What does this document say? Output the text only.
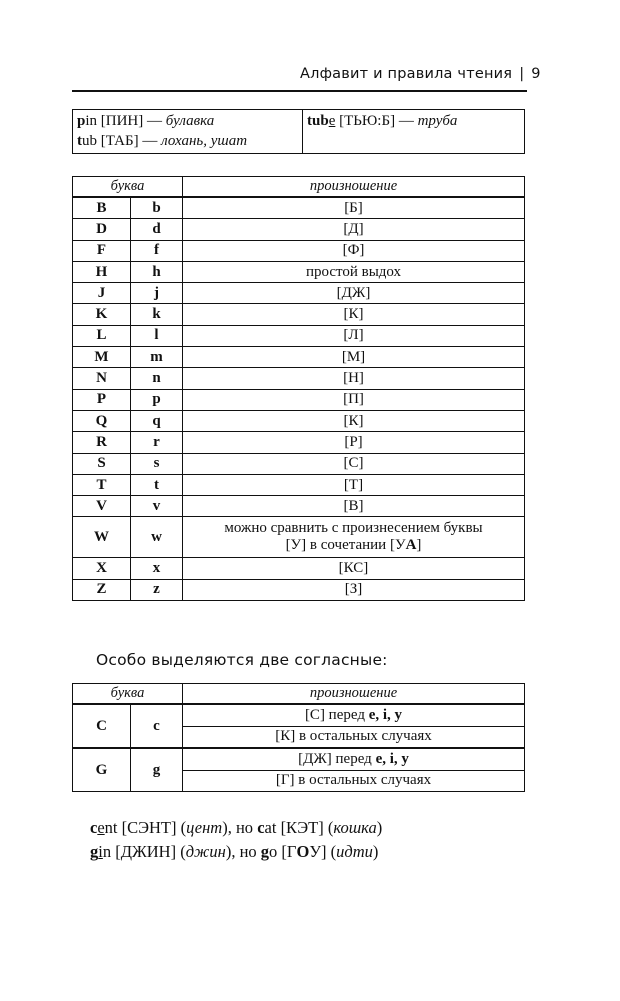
Алфавит и правила чтения | 9
pin [ПИН] — булавка
tub [ТАБ] — лохань, ушат
tube [ТЬЮ:Б] — труба
буква		произношение
B	b	[Б]
D	d	[Д]
F	f	[Ф]
H	h	простой выдох
J	j	[ДЖ]
K	k	[К]
L	l	[Л]
M	m	[М]
N	n	[Н]
P	p	[П]
Q	q	[К]
R	r	[Р]
S	s	[С]
T	t	[Т]
V	v	[В]
W	w	можно сравнить с произнесением буквы
[У] в сочетании [УА]

X	x	[КС]
Z	z	[З]
Особо выделяются две согласные:
буква		произношение
C	c	[С] перед e, i, y
		[К] в остальных случаях
G	g	[ДЖ] перед e, i, y
		[Г] в остальных случаях
cent [СЭНТ] (цент), но cat [КЭТ] (кошка)
gin [ДЖИН] (джин), но go [ГОУ] (идти)
